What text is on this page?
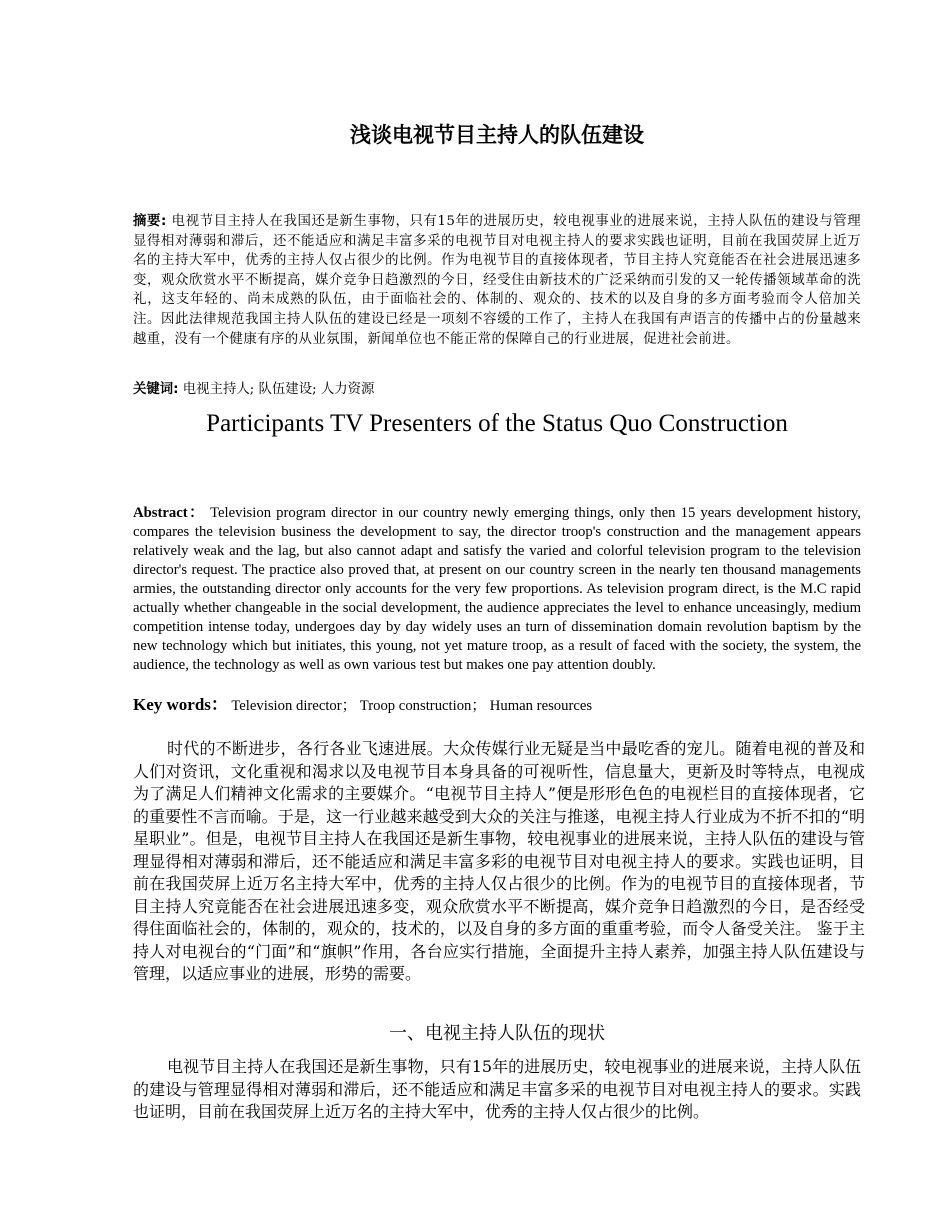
浅谈电视节目主持人的队伍建设
摘要: 电视节目主持人在我国还是新生事物，只有15年的进展历史，较电视事业的进展来说，主持人队伍的建设与管理显得相对薄弱和滞后，还不能适应和满足丰富多采的电视节目对电视主持人的要求实践也证明，目前在我国荧屏上近万名的主持大军中，优秀的主持人仅占很少的比例。作为电视节目的直接体现者，节目主持人究竟能否在社会进展迅速多变，观众欣赏水平不断提高，媒介竞争日趋激烈的今日，经受住由新技术的广泛采纳而引发的又一轮传播领域革命的洗礼，这支年轻的、尚未成熟的队伍，由于面临社会的、体制的、观众的、技术的以及自身的多方面考验而令人倍加关注。因此法律规范我国主持人队伍的建设已经是一项刻不容缓的工作了，主持人在我国有声语言的传播中占的份量越来越重，没有一个健康有序的从业氛围，新闻单位也不能正常的保障自己的行业进展，促进社会前进。
关键词: 电视主持人; 队伍建设; 人力资源
Participants TV Presenters of the Status Quo Construction
Abstract： Television program director in our country newly emerging things, only then 15 years development history, compares the television business the development to say, the director troop's construction and the management appears relatively weak and the lag, but also cannot adapt and satisfy the varied and colorful television program to the television director's request. The practice also proved that, at present on our country screen in the nearly ten thousand managements armies, the outstanding director only accounts for the very few proportions. As television program direct, is the M.C rapid actually whether changeable in the social development, the audience appreciates the level to enhance unceasingly, medium competition intense today, undergoes day by day widely uses an turn of dissemination domain revolution baptism by the new technology which but initiates, this young, not yet mature troop, as a result of faced with the society, the system, the audience, the technology as well as own various test but makes one pay attention doubly.
Key words： Television director； Troop construction； Human resources

时代的不断进步，各行各业飞速进展。大众传媒行业无疑是当中最吃香的宠儿。随着电视的普及和人们对资讯，文化重视和渴求以及电视节目本身具备的可视听性，信息量大，更新及时等特点，电视成为了满足人们精神文化需求的主要媒介。“电视节目主持人”便是形形色色的电视栏目的直接体现者，它的重要性不言而喻。于是，这一行业越来越受到大众的关注与推遂，电视主持人行业成为不折不扣的“明星职业”。但是，电视节目主持人在我国还是新生事物，较电视事业的进展来说，主持人队伍的建设与管理显得相对薄弱和滞后，还不能适应和满足丰富多彩的电视节目对电视主持人的要求。实践也证明，目前在我国荧屏上近万名主持大军中，优秀的主持人仅占很少的比例。作为的电视节目的直接体现者，节目主持人究竟能否在社会进展迅速多变，观众欣赏水平不断提高，媒介竞争日趋激烈的今日，是否经受得住面临社会的，体制的，观众的，技术的，以及自身的多方面的重重考验，而令人备受关注。 鉴于主持人对电视台的“门面”和“旗帜”作用，各台应实行措施，全面提升主持人素养，加强主持人队伍建设与管理，以适应事业的进展，形势的需要。

一、电视主持人队伍的现状

电视节目主持人在我国还是新生事物，只有15年的进展历史，较电视事业的进展来说，主持人队伍的建设与管理显得相对薄弱和滞后，还不能适应和满足丰富多采的电视节目对电视主持人的要求。实践也证明，目前在我国荧屏上近万名的主持大军中，优秀的主持人仅占很少的比例。
